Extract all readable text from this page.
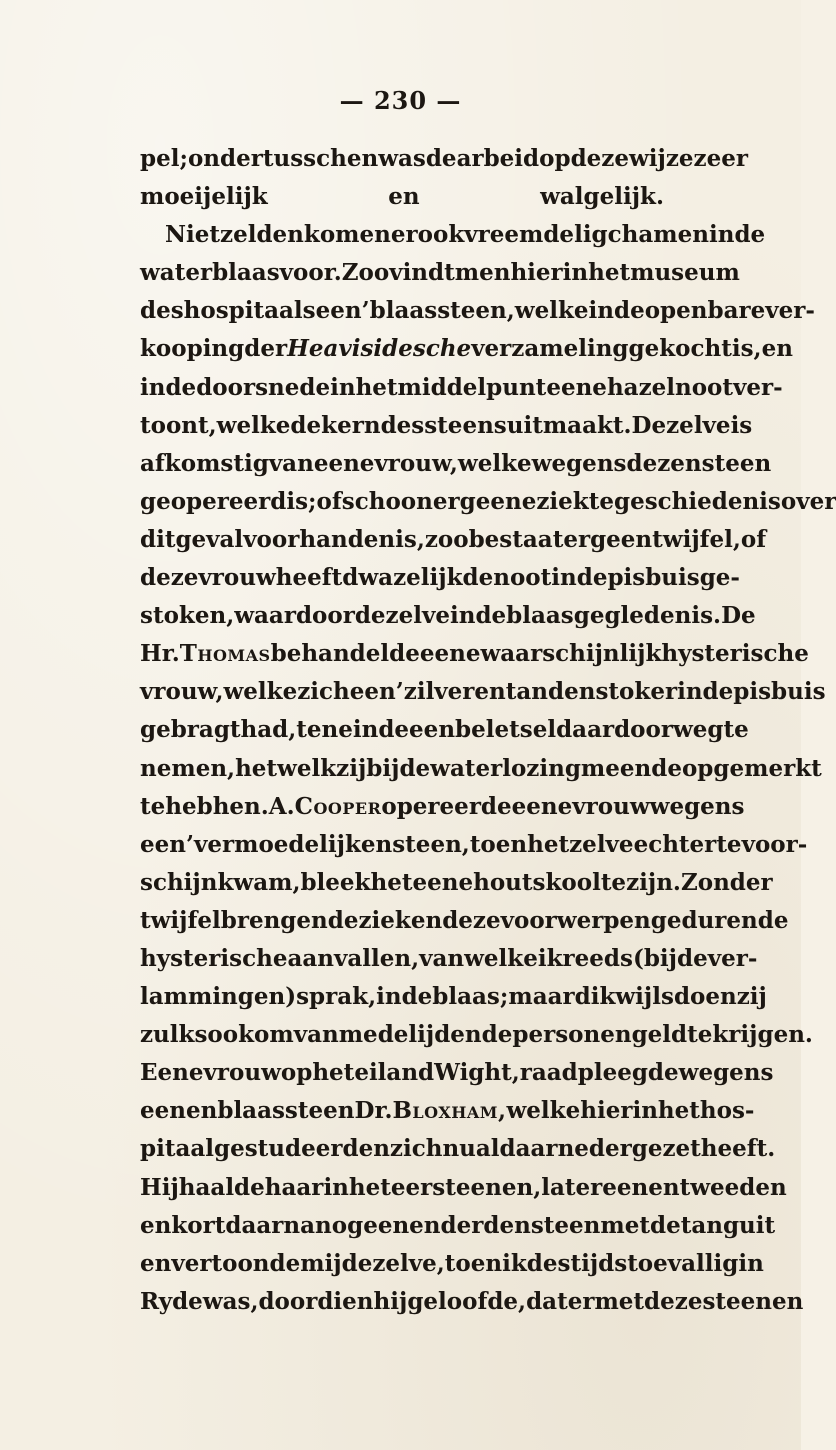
— 230 —
pel; ondertusschen was de arbeid op deze wijze zeer
moeijelijk	en	walgelijk.
Niet zelden komen er ook vreemde ligchamen in de
waterblaas voor. Zoo vindt men hier in het museum
des hospitaals een’ blaassteen, welke in de openbare ver-
kooping der Heavisidesche verzameling gekocht is, en
in de doorsnede in het middelpunt eene hazelnoot ver-
toont, welke de kern des steens uitmaakt. Dezelve is
afkomstig van eene vrouw, welke wegens dezen steen
geopereerd is; ofschoon er geene ziektegeschiedenis over
dit geval voorhanden is, zoo bestaat er geen twijfel, of
deze vrouw heeft dwazelijk de noot in de pisbuis ge-
stoken, waardoor dezelve in de blaas gegleden is. De
Hr. Thomas behandelde eene waarschijnlijk hysterische
vrouw, welke zich een’ zilveren tanden stoker in de pisbuis
gebragt had, ten einde een beletsel daardoor weg te
nemen, hetwelk zij bij de waterlozing meende opgemerkt
te hebhen. A. Cooper opereerde eene vrouw wegens
een’ vermoedelijken steen, toen hetzelve echter te voor-
schijn kwam, bleek het eene houtskool te zijn. Zonder
twijfel brengen de zieken deze voorwerpen gedurende
hysterische aanvallen, van welke ik reeds (bij de ver-
lammingen) sprak, in de blaas; maar dikwijls doen zij
zulks ook om van medelijdende personen geld te krijgen.
Eene vrouw op het eiland Wight, raadpleegde wegens
eenen blaassteen Dr. Bloxham, welke hier in het hos-
pitaal gestudeerd en zich nu aldaar nedergezet heeft.
Hij haalde haar in het eerst eenen, later eenen tweeden
en kort daarna nog eenen derden steen met de tang uit
en vertoonde mij dezelve, toen ik destijds toevallig in
Ryde was, doordien hij geloofde, dat er met deze steenen
